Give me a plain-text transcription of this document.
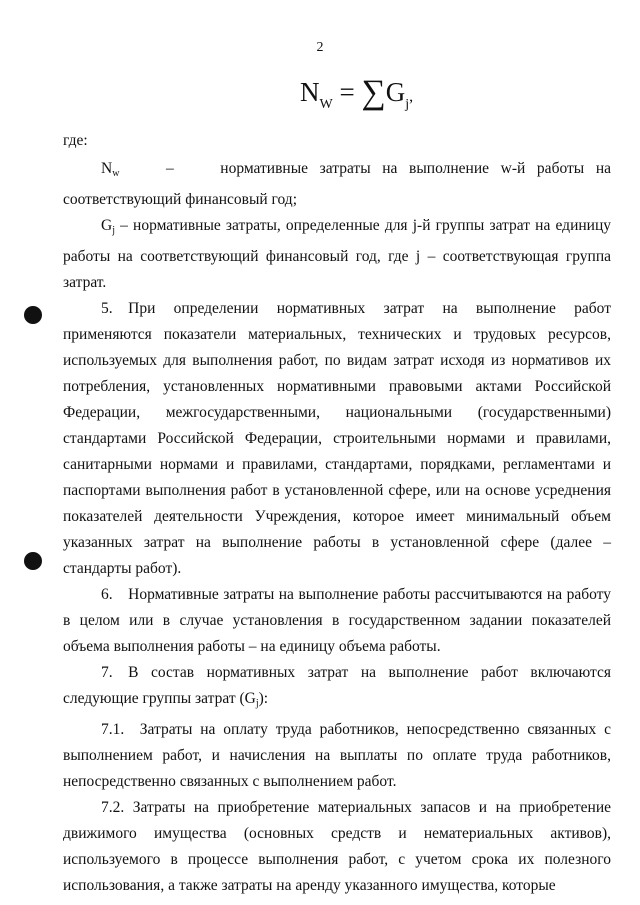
2
$N_W = \sum G_j$,

где:

Nw	–	нормативные затраты на выполнение w-й работы на соответствующий финансовый год;

Gj – нормативные затраты, определенные для j-й группы затрат на единицу работы на соответствующий финансовый год, где j – соответствующая группа затрат.

5. При определении нормативных затрат на выполнение работ применяются показатели материальных, технических и трудовых ресурсов, используемых для выполнения работ, по видам затрат исходя из нормативов их потребления, установленных нормативными правовыми актами Российской Федерации, межгосударственными, национальными (государственными) стандартами Российской Федерации, строительными нормами и правилами, санитарными нормами и правилами, стандартами, порядками, регламентами и паспортами выполнения работ в установленной сфере, или на основе усреднения показателей деятельности Учреждения, которое имеет минимальный объем указанных затрат на выполнение работы в установленной сфере (далее – стандарты работ).

6. Нормативные затраты на выполнение работы рассчитываются на работу в целом или в случае установления в государственном задании показателей объема выполнения работы – на единицу объема работы.

7. В состав нормативных затрат на выполнение работ включаются следующие группы затрат (Gj):

7.1. Затраты на оплату труда работников, непосредственно связанных с выполнением работ, и начисления на выплаты по оплате труда работников, непосредственно связанных с выполнением работ.

7.2. Затраты на приобретение материальных запасов и на приобретение движимого имущества (основных средств и нематериальных активов), используемого в процессе выполнения работ, с учетом срока их полезного использования, а также затраты на аренду указанного имущества, которые
